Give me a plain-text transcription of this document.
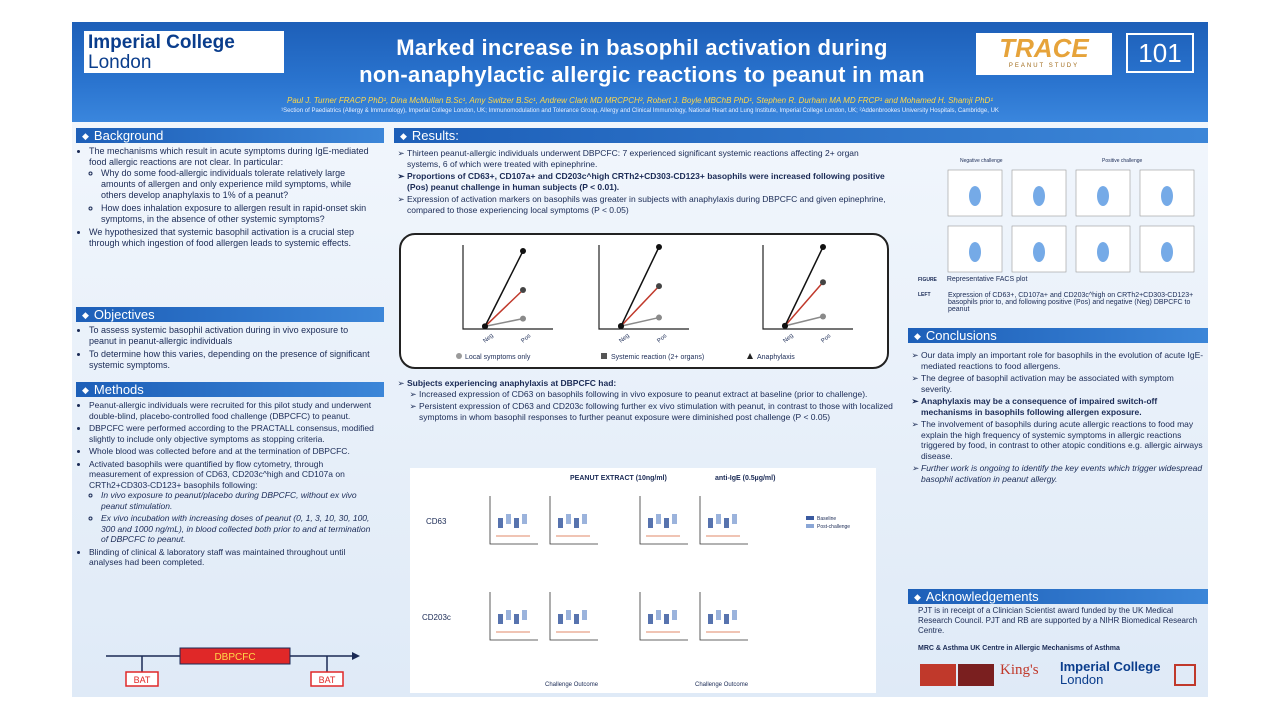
Imperial College
London
Marked increase in basophil activation during
non-anaphylactic allergic reactions to peanut in man
TRACE
PEANUT STUDY	101
Paul J. Turner FRACP PhD¹, Dina McMullan B.Sc¹, Amy Switzer B.Sc¹, Andrew Clark MD MRCPCH², Robert J. Boyle MBChB PhD¹, Stephen R. Durham MA MD FRCP¹ and Mohamed H. Shamji PhD¹
¹Section of Paediatrics (Allergy & Immunology), Imperial College London, UK; Immunomodulation and Tolerance Group, Allergy and Clinical Immunology, National Heart and Lung Institute, Imperial College London, UK; ²Addenbrookes University Hospitals, Cambridge, UK
◆ Background
• The mechanisms which result in acute symptoms during IgE-mediated food allergic reactions are not clear. In particular:
◦ Why do some food-allergic individuals tolerate relatively large amounts of allergen and only experience mild symptoms, while others develop anaphylaxis to 1% of a peanut?
◦ How does inhalation exposure to allergen result in rapid-onset skin symptoms, in the absence of other systemic symptoms?
• We hypothesized that systemic basophil activation is a crucial step through which ingestion of food allergen leads to systemic effects.
◆ Objectives
• To assess systemic basophil activation during in vivo exposure to peanut in peanut-allergic individuals
• To determine how this varies, depending on the presence of significant systemic symptoms.
◆ Methods
• Peanut-allergic individuals were recruited for this pilot study and underwent double-blind, placebo-controlled food challenge (DBPCFC) to peanut.
• DBPCFC were performed according to the PRACTALL consensus, modified slightly to include only objective symptoms as stopping criteria.
• Whole blood was collected before and at the termination of DBPCFC.
• Activated basophils were quantified by flow cytometry, through measurement of expression of CD63, CD203c^high and CD107a on CRTh2+CD303-CD123+ basophils following:
◦ In vivo exposure to peanut/placebo during DBPCFC, without ex vivo peanut stimulation.
◦ Ex vivo incubation with increasing doses of peanut (0, 1, 3, 10, 30, 100, 300 and 1000 ng/mL), in blood collected both prior to and at termination of DBPCFC to peanut.
• Blinding of clinical & laboratory staff was maintained throughout until analyses had been completed.
DBPCFC
BAT	BAT
◆ Results:
➢ Thirteen peanut-allergic individuals underwent DBPCFC: 7 experienced significant systemic reactions affecting 2+ organ systems, 6 of which were treated with epinephrine.
➢ Proportions of CD63+, CD107a+ and CD203c^high CRTh2+CD303-CD123+ basophils were increased following positive (Pos) peanut challenge in human subjects (P < 0.01).
➢ Expression of activation markers on basophils was greater in subjects with anaphylaxis during DBPCFC and given epinephrine, compared to those experiencing local symptoms (P < 0.05)
Neg	Pos	Neg	Pos	Neg	Pos
Local symptoms only	Systemic reaction (2+ organs)	Anaphylaxis
➢ Subjects experiencing anaphylaxis at DBPCFC had:
➢ Increased expression of CD63 on basophils following in vivo exposure to peanut extract at baseline (prior to challenge).
➢ Persistent expression of CD63 and CD203c following further ex vivo stimulation with peanut, in contrast to those with localized symptoms in whom basophil responses to further peanut exposure were diminished post challenge (P < 0.05)
PEANUT EXTRACT (10ng/ml)	anti-IgE (0.5µg/ml)
CD63
CD203c
Baseline
Post-challenge
Challenge Outcome	Challenge Outcome
Negative challenge	Positive challenge
FIGURE Representative FACS plot
LEFT	Expression of CD63+, CD107a+ and CD203c^high on CRTh2+CD303-CD123+ basophils prior to, and following positive (Pos) and negative (Neg) DBPCFC to peanut
◆ Conclusions
➢ Our data imply an important role for basophils in the evolution of acute IgE-mediated reactions to food allergens.
➢ The degree of basophil activation may be associated with symptom severity.
➢ Anaphylaxis may be a consequence of impaired switch-off mechanisms in basophils following allergen exposure.
➢ The involvement of basophils during acute allergic reactions to food may explain the high frequency of systemic symptoms in allergic reactions triggered by food, in contrast to other atopic conditions e.g. allergic airways disease.
➢ Further work is ongoing to identify the key events which trigger widespread basophil activation in peanut allergy.
◆ Acknowledgements
PJT is in receipt of a Clinician Scientist award funded by the UK Medical Research Council. PJT and RB are supported by a NIHR Biomedical Research Centre.
MRC & Asthma UK Centre in Allergic Mechanisms of Asthma
King's Imperial College
London
